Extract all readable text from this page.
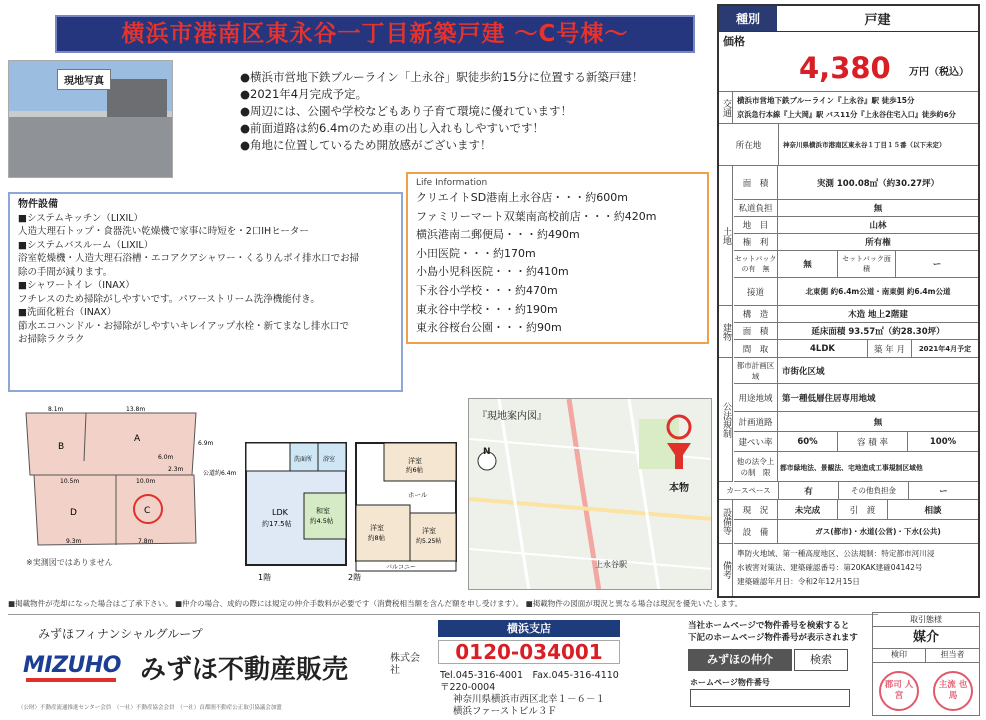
横浜市港南区東永谷一丁目新築戸建 〜C号棟〜
現地写真	●横浜市営地下鉄ブルーライン「上永谷」駅徒歩約15分に位置する新築戸建！
●2021年4月完成予定。
●周辺には、公園や学校などもあり子育て環境に優れています！
●前面道路は約6.4mのため車の出し入れもしやすいです！
●角地に位置しているため開放感がございます！
物件設備
■システムキッチン（LIXIL）
人造大理石トップ・食器洗い乾燥機で家事に時短を・2口IHヒーター
■システムバスルーム（LIXIL）
浴室乾燥機・人造大理石浴槽・エコアクアシャワー・くるりんポイ排水口でお掃
除の手間が減ります。
■シャワートイレ（INAX）
フチレスのため掃除がしやすいです。パワーストリーム洗浄機能付き。
■洗面化粧台（INAX）
節水エコハンドル・お掃除がしやすいキレイアップ水栓・新てまなし排水口で
お掃除ラクラク
Life Information
クリエイトSD港南上永谷店・・・約600m
ファミリーマート双葉南高校前店・・・約420m
横浜港南二郵便局・・・約490m
小田医院・・・約170m
小島小児科医院・・・約410m
下永谷小学校・・・約470m
東永谷中学校・・・約190m
東永谷桜台公園・・・約90m
種別	戸建
価格
4,380 万円（税込）
交通 横浜市営地下鉄ブルーライン『上永谷』駅 徒歩15分
京浜急行本線『上大岡』駅 バス11分『上永谷住宅入口』徒歩約6分
所在地	神奈川県横浜市港南区東永谷１丁目１５番（以下未定）
土地
面　積	実測 100.08㎡（約30.27坪）
私道負担	無
地　目	山林
権　利	所有権
セットバックの有　無	無
セットバック面　積	ー
接道	北東側 約6.4m公道・南東側 約6.4m公道
建物
構　造	木造 地上2階建
面　積	延床面積 93.57㎡（約28.30坪）
間　取	4LDK	築 年 月	2021年4月予定
公法規制
都市計画区　域	市街化区域
用途地域	第一種低層住居専用地域
計画道路	無
建ぺい率	60%	容 積 率	100%
他の法令上の制　限	都市緑地法、景観法、宅地造成工事規制区域他
カースペース	有	その他負担金	ー
設備等	現　況	未完成	引　渡	相談
設　備	ガス(都市)・水道(公営)・下水(公共)
備考
準防火地域、第一種高度地区、公法規制：特定都市河川浸
水被害対策法、建築確認番号：第20KAK建確04142号
建築確認年月日：令和2年12月15日
※実測図ではありません
B
A
D	C
8.1m	13.8m
6.9m
10.5m	10.0m
9.3m	7.8m
2.3m
6.0m
公道約6.4m
LDK
約17.5帖
和室
約4.5帖
洗面所 浴室
1階
洋室
約6帖
洋室
約8帖
洋室
約5.25帖
ホール
バルコニー
2階
『現地案内図』
本物
N
上永谷駅
■掲載物件が売却になった場合はご了承下さい。 ■仲介の場合、成約の際には規定の仲介手数料が必要です（消費税相当額を含んだ額を申し受けます）。 ■掲載物件の図面が現況と異なる場合は現況を優先いたします。
みずほフィナンシャルグループ
MIZUHO みずほ不動産販売	株式会社
（公財）不動産流通推進センター会員　（一社）不動産協会会員　（一社）首都圏不動産公正取引協議会加盟
横浜支店
0120-034001
Tel.045-316-4001　Fax.045-316-4110
〒220-0004
神奈川県横浜市西区北幸１－６－１
横浜ファーストビル３Ｆ
当社ホームページで物件番号を検索すると
下記のホームページ物件番号が表示されます
みずほの仲介	検索
ホームページ物件番号
取引態様
媒介
検印	担当者
郡司 人宮
主流 也馬
